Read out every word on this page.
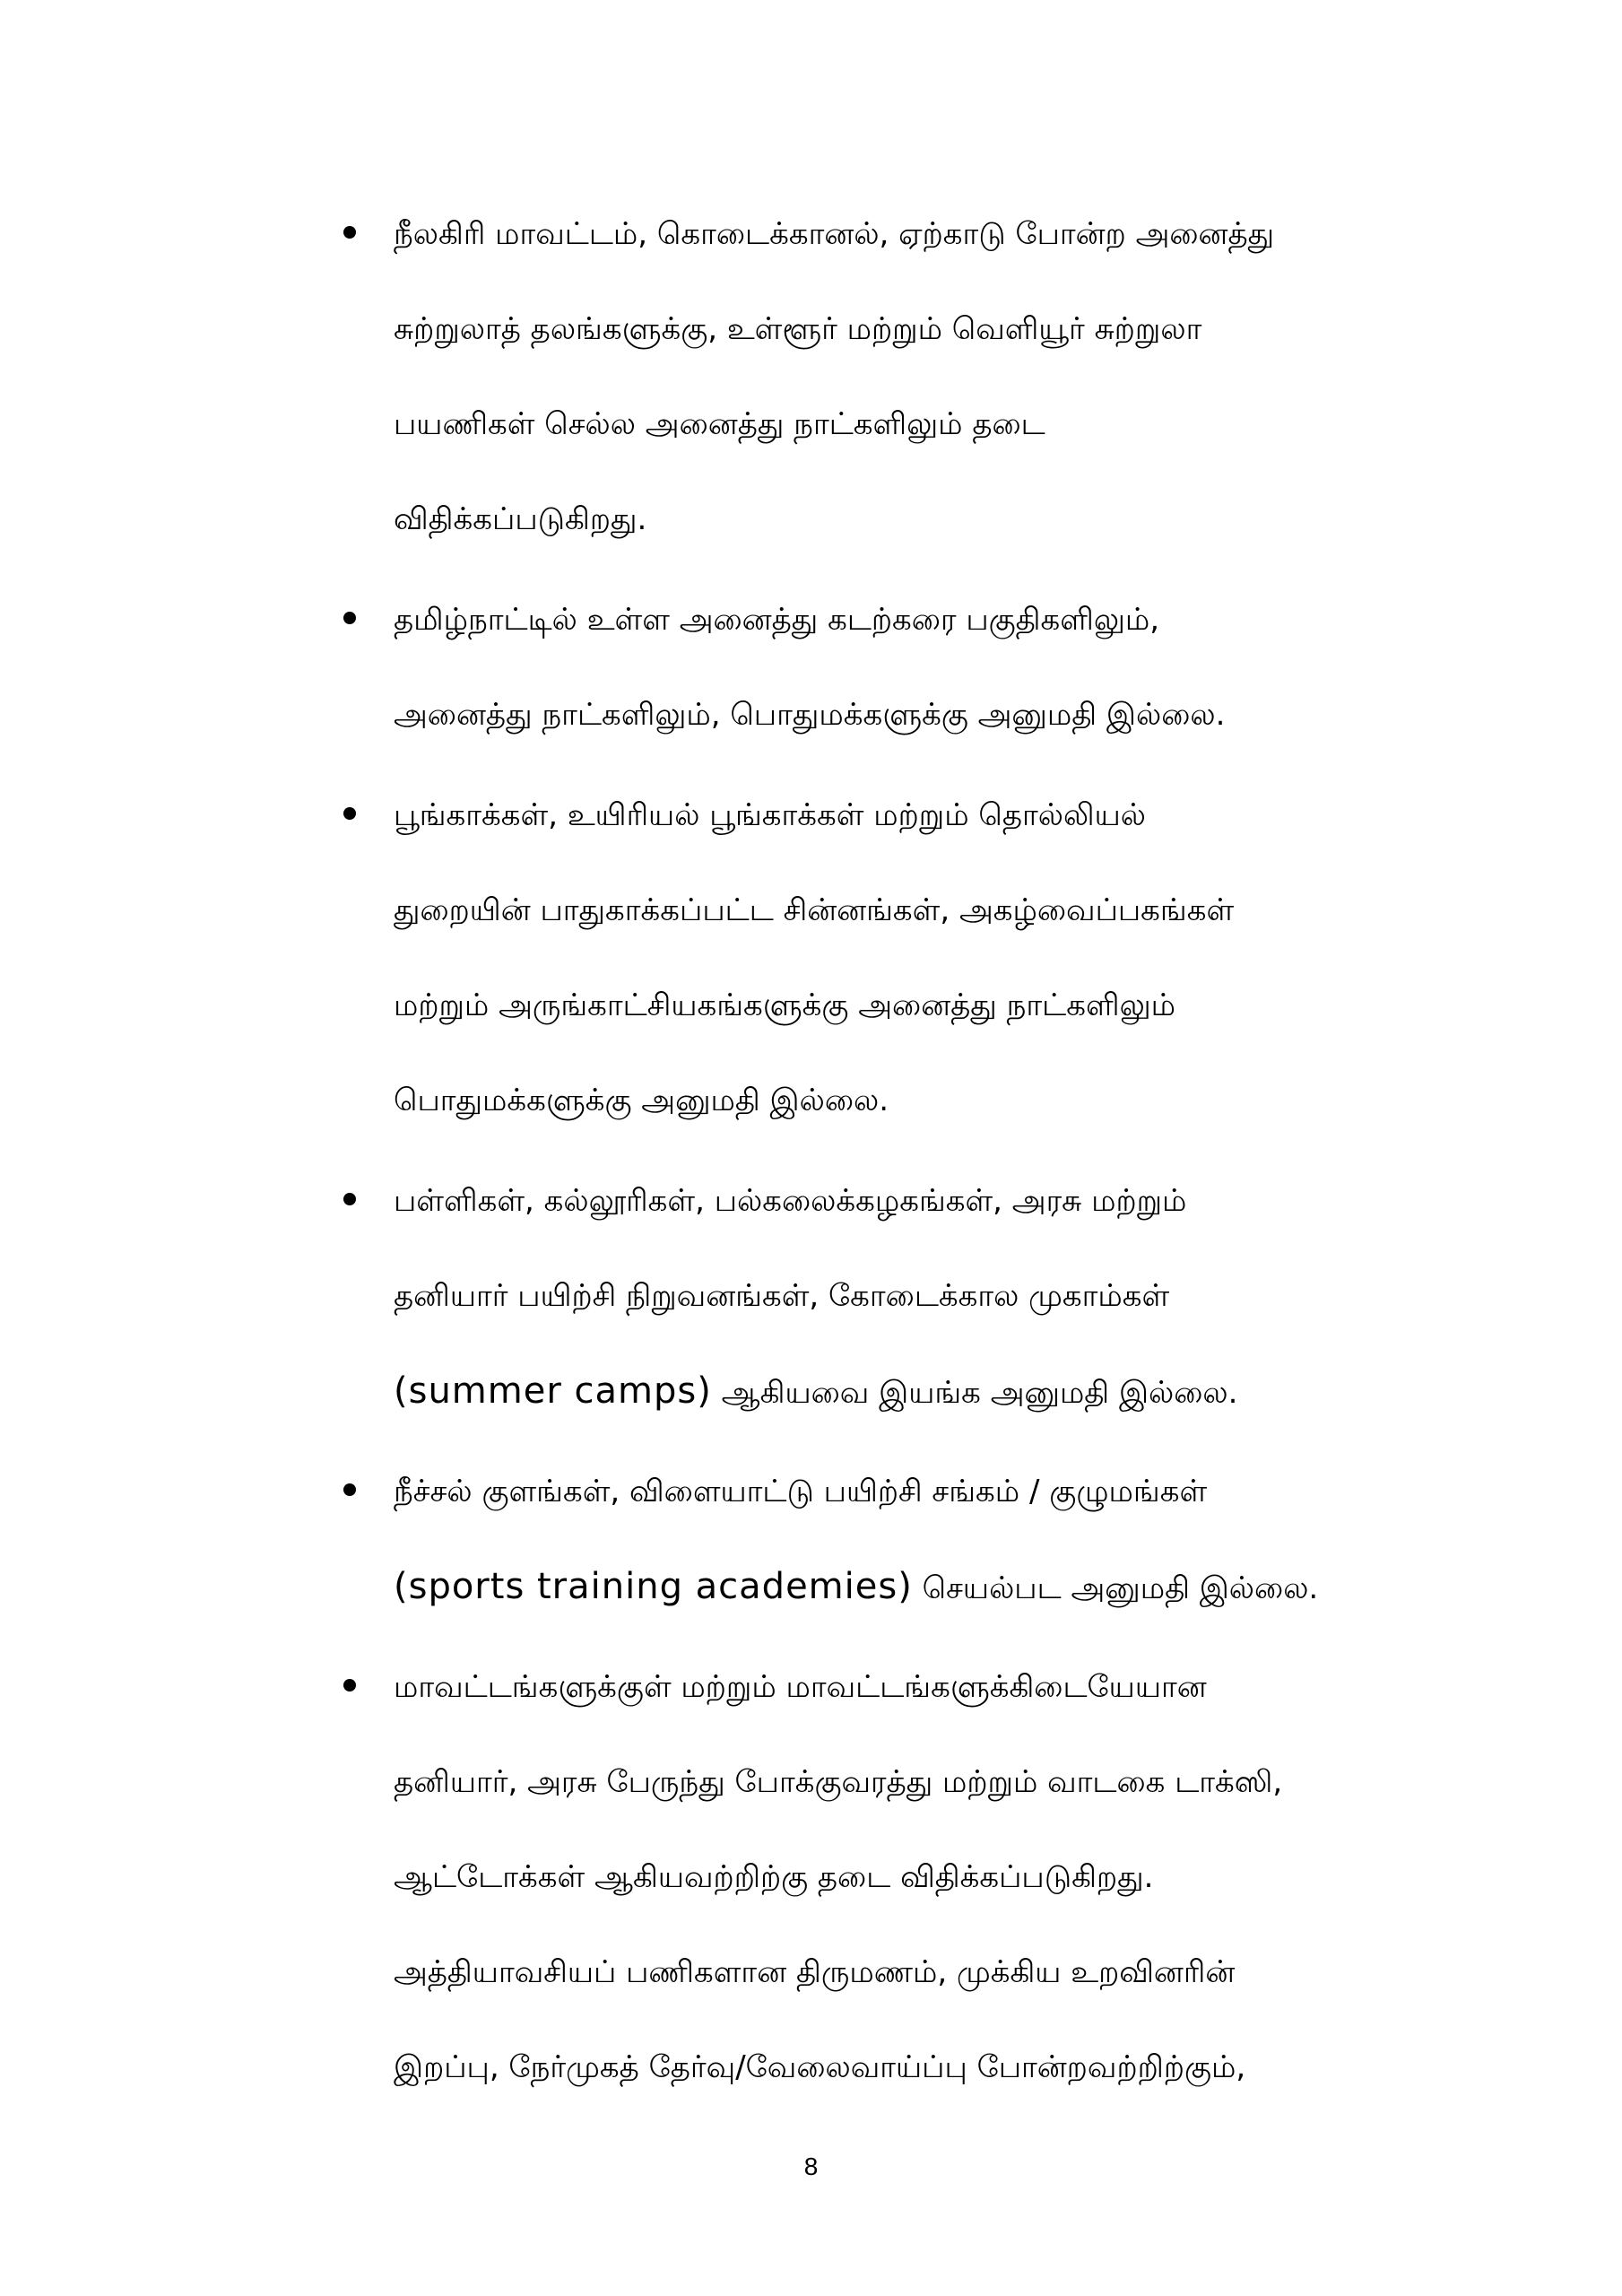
நீலகிரி மாவட்டம், கொடைக்கானல், ஏற்காடு போன்ற அனைத்து
சுற்றுலாத் தலங்களுக்கு, உள்ளூர் மற்றும் வெளியூர் சுற்றுலா
பயணிகள் செல்ல அனைத்து நாட்களிலும் தடை
விதிக்கப்படுகிறது.
தமிழ்நாட்டில் உள்ள அனைத்து கடற்கரை பகுதிகளிலும்,
அனைத்து நாட்களிலும், பொதுமக்களுக்கு அனுமதி இல்லை.
பூங்காக்கள், உயிரியல் பூங்காக்கள் மற்றும் தொல்லியல்
துறையின் பாதுகாக்கப்பட்ட சின்னங்கள், அகழ்வைப்பகங்கள்
மற்றும் அருங்காட்சியகங்களுக்கு அனைத்து நாட்களிலும்
பொதுமக்களுக்கு அனுமதி இல்லை.
பள்ளிகள், கல்லூரிகள், பல்கலைக்கழகங்கள், அரசு மற்றும்
தனியார் பயிற்சி நிறுவனங்கள், கோடைக்கால முகாம்கள்
(summer camps) ஆகியவை இயங்க அனுமதி இல்லை.
நீச்சல் குளங்கள், விளையாட்டு பயிற்சி சங்கம் / குழுமங்கள்
(sports training academies) செயல்பட அனுமதி இல்லை.
மாவட்டங்களுக்குள் மற்றும் மாவட்டங்களுக்கிடையேயான
தனியார், அரசு பேருந்து போக்குவரத்து மற்றும் வாடகை டாக்ஸி,
ஆட்டோக்கள் ஆகியவற்றிற்கு தடை விதிக்கப்படுகிறது.
அத்தியாவசியப் பணிகளான திருமணம், முக்கிய உறவினரின்
இறப்பு, நேர்முகத் தேர்வு/வேலைவாய்ப்பு போன்றவற்றிற்கும்,
8
